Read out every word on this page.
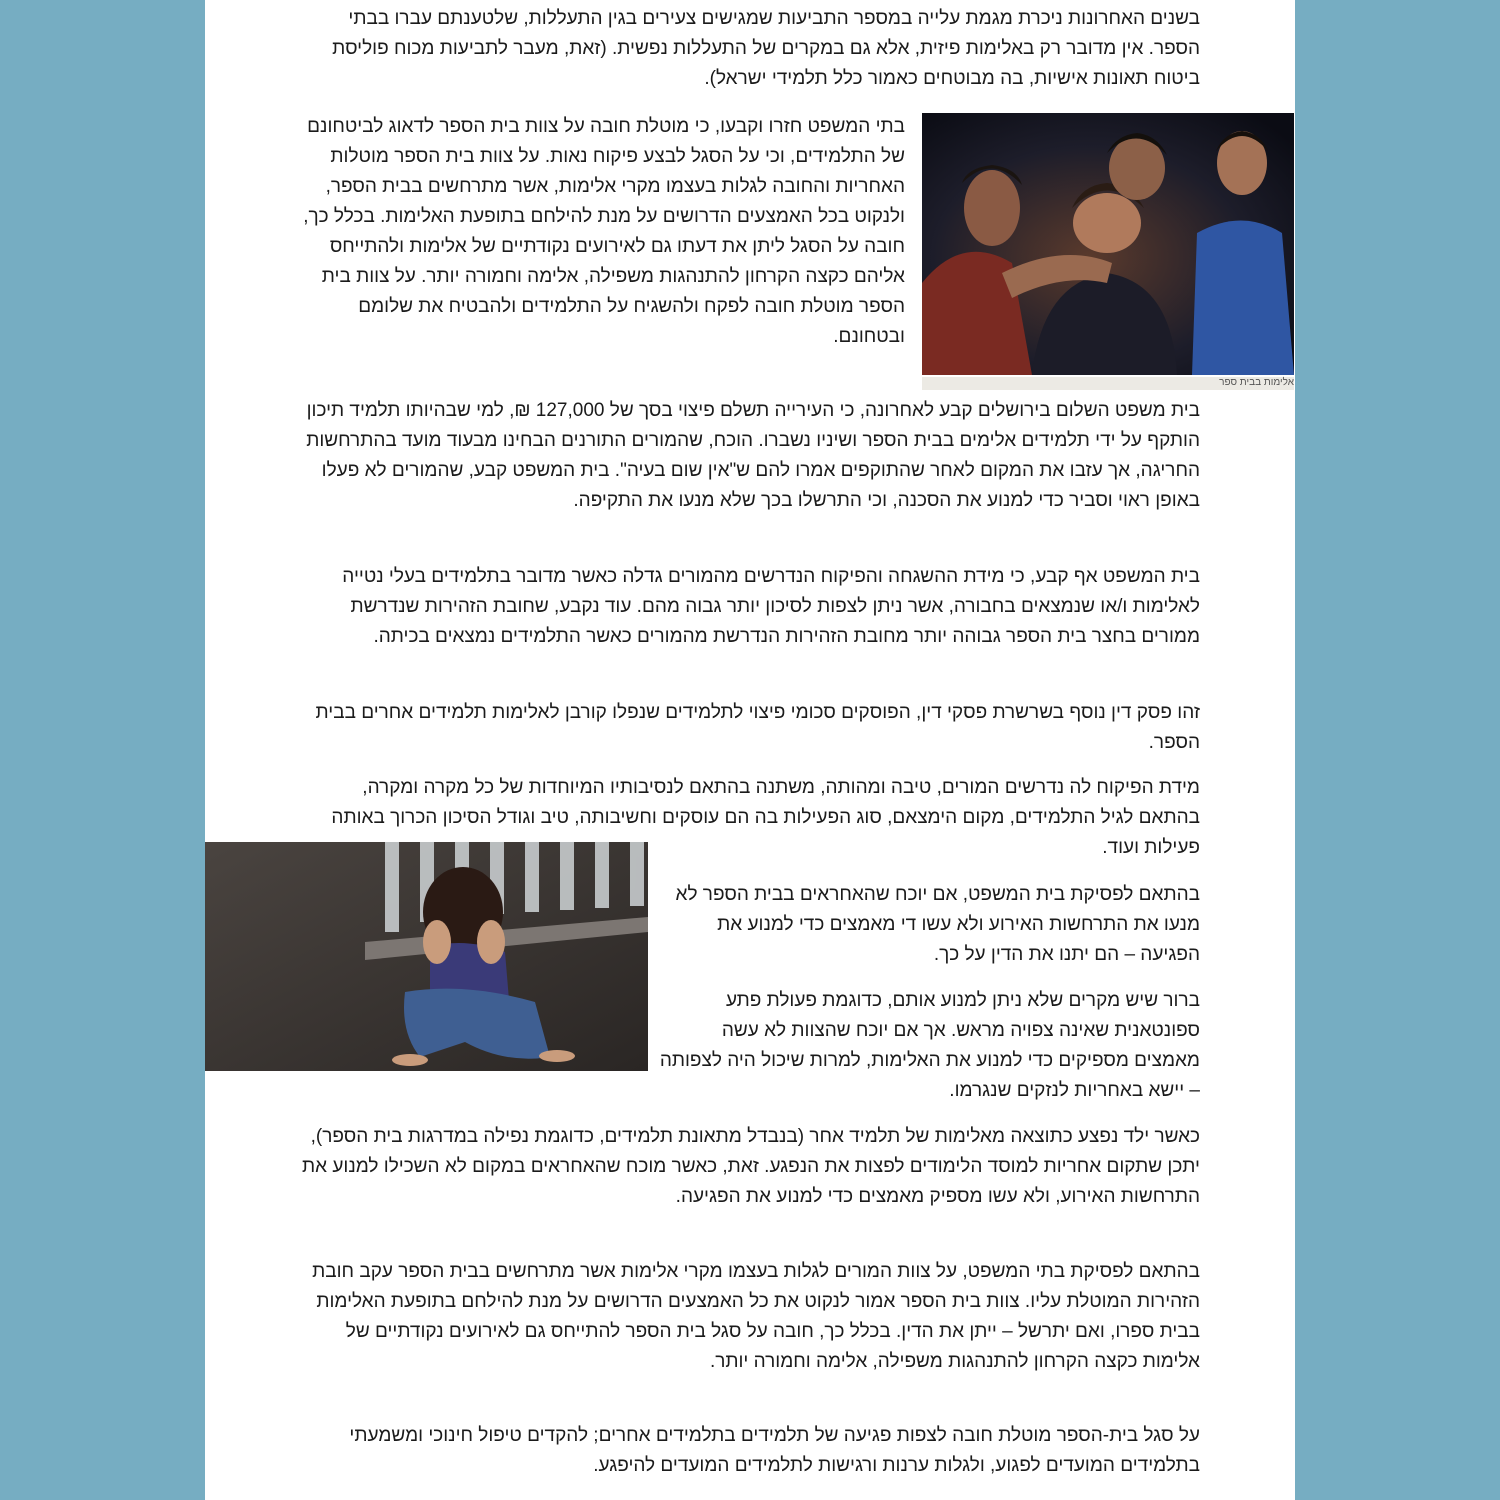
בשנים האחרונות ניכרת מגמת עלייה במספר התביעות שמגישים צעירים בגין התעללות, שלטענתם עברו בבתי הספר. אין מדובר רק באלימות פיזית, אלא גם במקרים של התעללות נפשית. (זאת, מעבר לתביעות מכוח פוליסת ביטוח תאונות אישיות, בה מבוטחים כאמור כלל תלמידי ישראל).

אלימות בבית ספר

בתי המשפט חזרו וקבעו, כי מוטלת חובה על צוות בית הספר לדאוג לביטחונם של התלמידים, וכי על הסגל לבצע פיקוח נאות. על צוות בית הספר מוטלות האחריות והחובה לגלות בעצמו מקרי אלימות, אשר מתרחשים בבית הספר, ולנקוט בכל האמצעים הדרושים על מנת להילחם בתופעת האלימות. בכלל כך, חובה על הסגל ליתן את דעתו גם לאירועים נקודתיים של אלימות ולהתייחס אליהם כקצה הקרחון להתנהגות משפילה, אלימה וחמורה יותר. על צוות בית הספר מוטלת חובה לפקח ולהשגיח על התלמידים ולהבטיח את שלומם ובטחונם.

בית משפט השלום בירושלים קבע לאחרונה, כי העירייה תשלם פיצוי בסך של 127,000 ₪, למי שבהיותו תלמיד תיכון הותקף על ידי תלמידים אלימים בבית הספר ושיניו נשברו. הוכח, שהמורים התורנים הבחינו מבעוד מועד בהתרחשות החריגה, אך עזבו את המקום לאחר שהתוקפים אמרו להם ש"אין שום בעיה". בית המשפט קבע, שהמורים לא פעלו באופן ראוי וסביר כדי למנוע את הסכנה, וכי התרשלו בכך שלא מנעו את התקיפה.

בית המשפט אף קבע, כי מידת ההשגחה והפיקוח הנדרשים מהמורים גדלה כאשר מדובר בתלמידים בעלי נטייה לאלימות ו/או שנמצאים בחבורה, אשר ניתן לצפות לסיכון יותר גבוה מהם. עוד נקבע, שחובת הזהירות שנדרשת ממורים בחצר בית הספר גבוהה יותר מחובת הזהירות הנדרשת מהמורים כאשר התלמידים נמצאים בכיתה.

זהו פסק דין נוסף בשרשרת פסקי דין, הפוסקים סכומי פיצוי לתלמידים שנפלו קורבן לאלימות תלמידים אחרים בבית הספר.

מידת הפיקוח לה נדרשים המורים, טיבה ומהותה, משתנה בהתאם לנסיבותיו המיוחדות של כל מקרה ומקרה, בהתאם לגיל התלמידים, מקום הימצאם, סוג הפעילות בה הם עוסקים וחשיבותה, טיב וגודל הסיכון הכרוך באותה פעילות ועוד.

בהתאם לפסיקת בית המשפט, אם יוכח שהאחראים בבית הספר לא מנעו את התרחשות האירוע ולא עשו די מאמצים כדי למנוע את הפגיעה – הם יתנו את הדין על כך.

ברור שיש מקרים שלא ניתן למנוע אותם, כדוגמת פעולת פתע ספונטאנית שאינה צפויה מראש. אך אם יוכח שהצוות לא עשה מאמצים מספיקים כדי למנוע את האלימות, למרות שיכול היה לצפותה – יישא באחריות לנזקים שנגרמו.

כאשר ילד נפצע כתוצאה מאלימות של תלמיד אחר (בנבדל מתאונת תלמידים, כדוגמת נפילה במדרגות בית הספר), יתכן שתקום אחריות למוסד הלימודים לפצות את הנפגע. זאת, כאשר מוכח שהאחראים במקום לא השכילו למנוע את התרחשות האירוע, ולא עשו מספיק מאמצים כדי למנוע את הפגיעה.

בהתאם לפסיקת בתי המשפט, על צוות המורים לגלות בעצמו מקרי אלימות אשר מתרחשים בבית הספר עקב חובת הזהירות המוטלת עליו. צוות בית הספר אמור לנקוט את כל האמצעים הדרושים על מנת להילחם בתופעת האלימות בבית ספרו, ואם יתרשל – ייתן את הדין. בכלל כך, חובה על סגל בית הספר להתייחס גם לאירועים נקודתיים של אלימות כקצה הקרחון להתנהגות משפילה, אלימה וחמורה יותר.

על סגל בית-הספר מוטלת חובה לצפות פגיעה של תלמידים בתלמידים אחרים; להקדים טיפול חינוכי ומשמעתי בתלמידים המועדים לפגוע, ולגלות ערנות ורגישות לתלמידים המועדים להיפגע.
